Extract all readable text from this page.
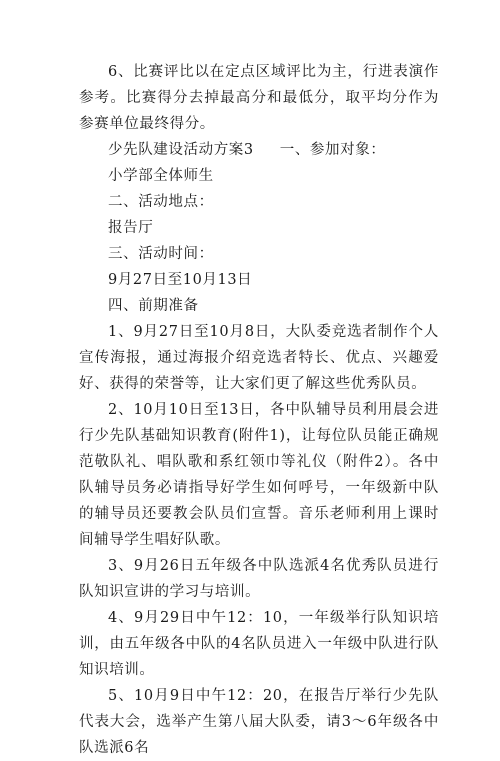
6、比赛评比以在定点区域评比为主，行进表演作参考。比赛得分去掉最高分和最低分，取平均分作为参赛单位最终得分。

少先队建设活动方案3 一、参加对象：
小学部全体师生
二、活动地点：
报告厅
三、活动时间：
9月27日至10月13日
四、前期准备

1、9月27日至10月8日，大队委竞选者制作个人宣传海报，通过海报介绍竞选者特长、优点、兴趣爱好、获得的荣誉等，让大家们更了解这些优秀队员。

2、10月10日至13日，各中队辅导员利用晨会进行少先队基础知识教育(附件1)，让每位队员能正确规范敬队礼、唱队歌和系红领巾等礼仪（附件2）。各中队辅导员务必请指导好学生如何呼号，一年级新中队的辅导员还要教会队员们宣誓。音乐老师利用上课时间辅导学生唱好队歌。

3、9月26日五年级各中队选派4名优秀队员进行队知识宣讲的学习与培训。

4、9月29日中午12：10，一年级举行队知识培训，由五年级各中队的4名队员进入一年级中队进行队知识培训。

5、10月9日中午12：20，在报告厅举行少先队代表大会，选举产生第八届大队委，请3～6年级各中队选派6名
